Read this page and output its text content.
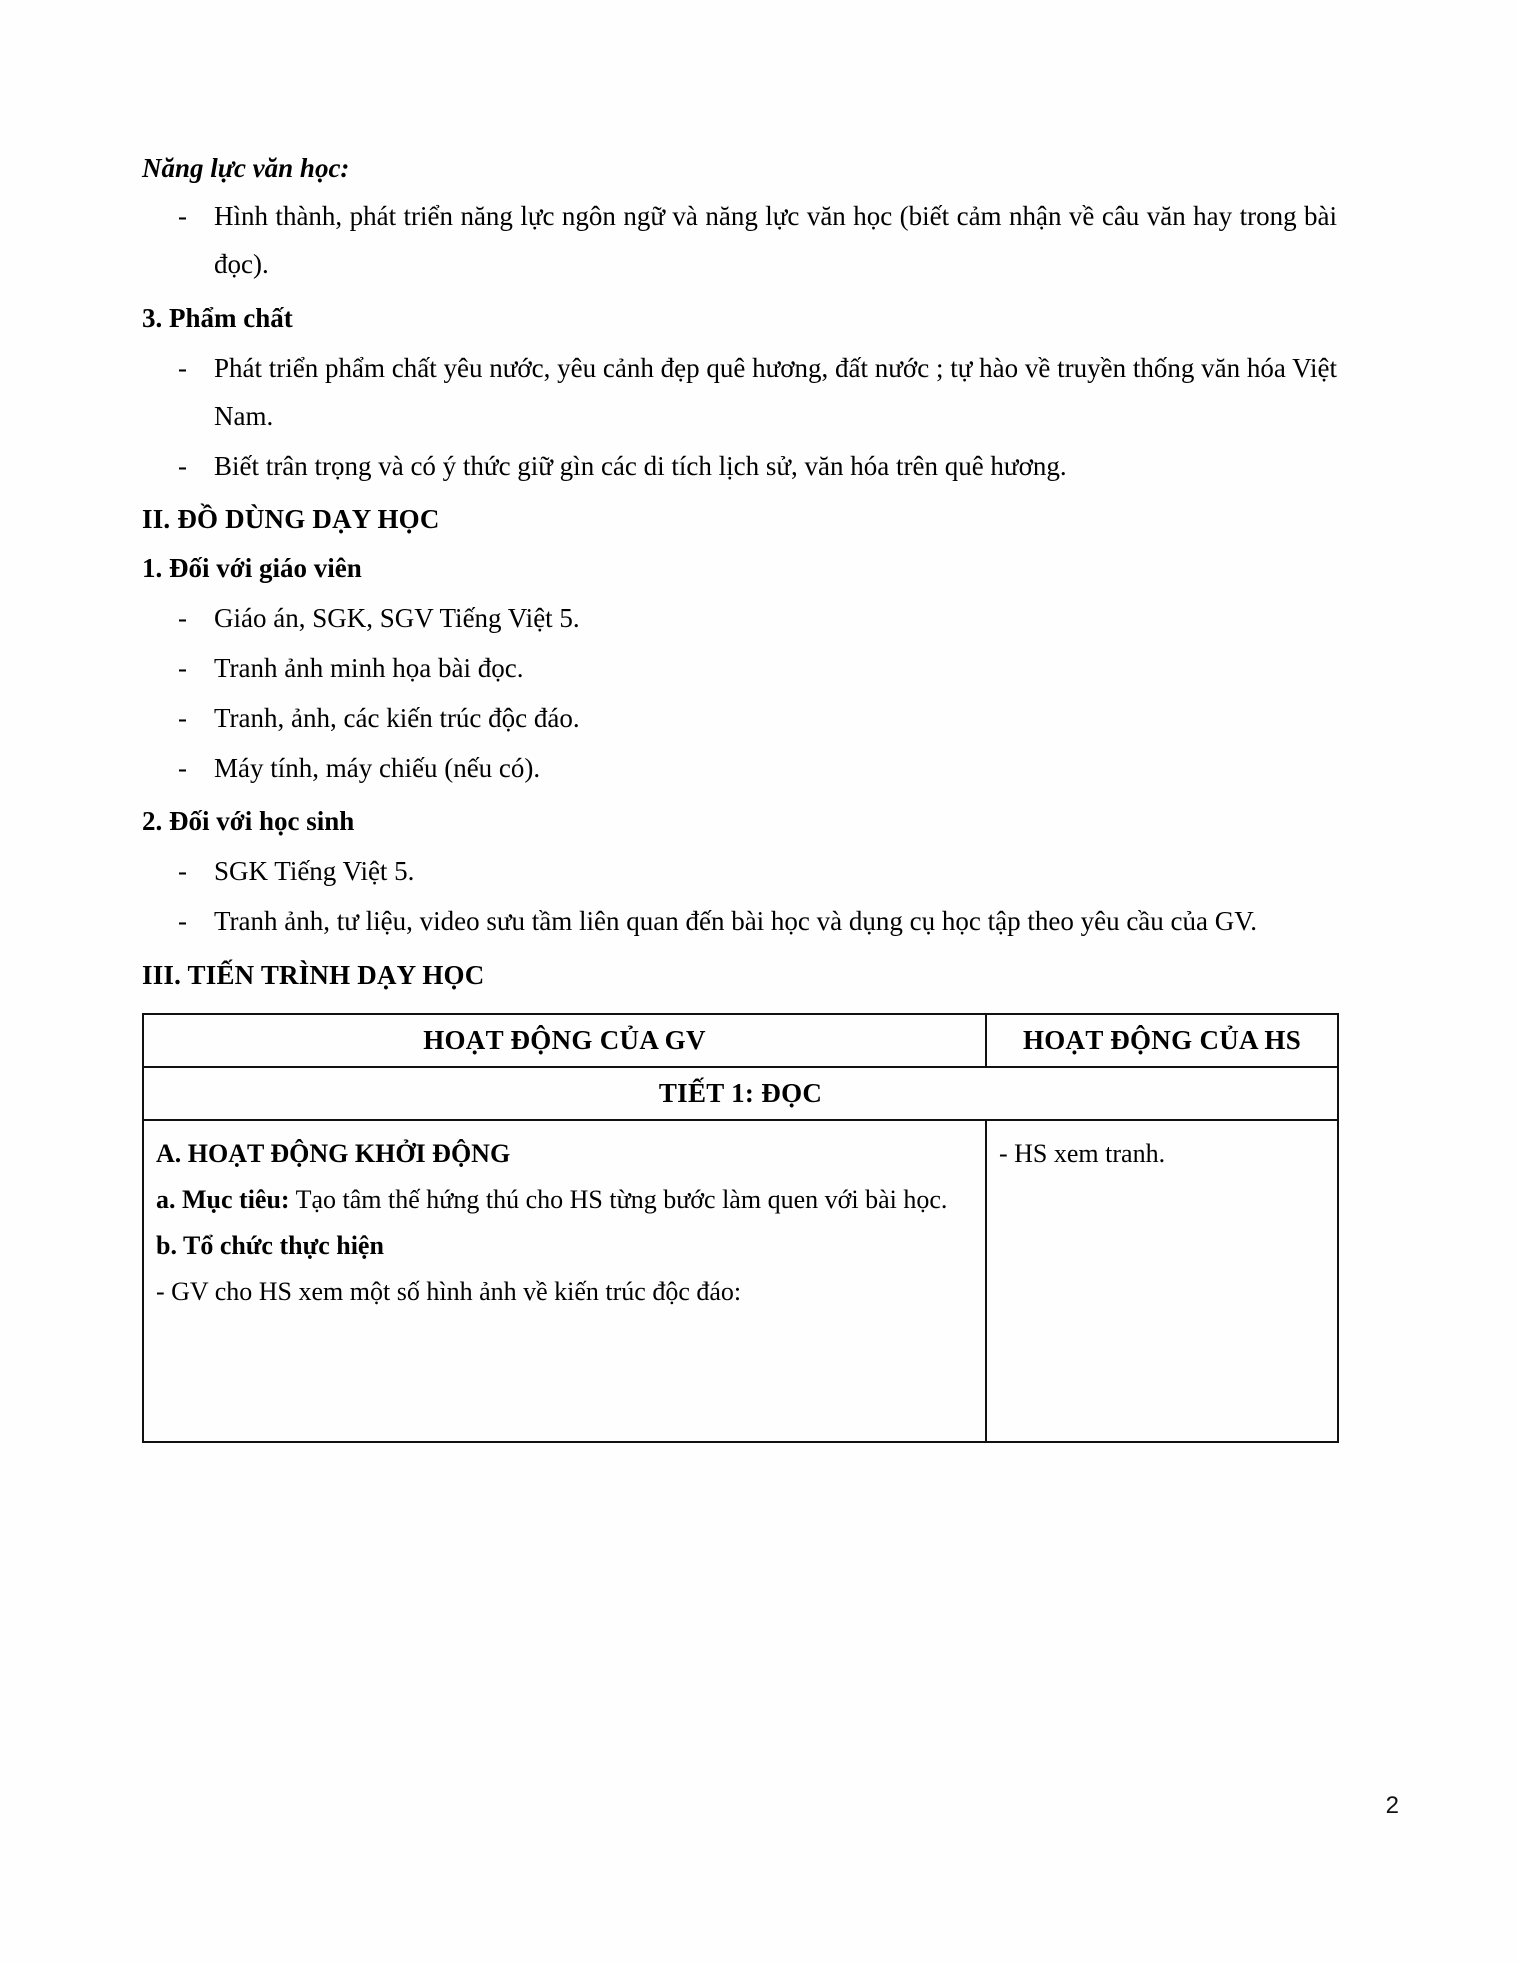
Năng lực văn học:

- Hình thành, phát triển năng lực ngôn ngữ và năng lực văn học (biết cảm nhận về câu văn hay trong bài đọc).

3. Phẩm chất

- Phát triển phẩm chất yêu nước, yêu cảnh đẹp quê hương, đất nước ; tự hào về truyền thống văn hóa Việt Nam.
- Biết trân trọng và có ý thức giữ gìn các di tích lịch sử, văn hóa trên quê hương.

II. ĐỒ DÙNG DẠY HỌC

1. Đối với giáo viên

- Giáo án, SGK, SGV Tiếng Việt 5.
- Tranh ảnh minh họa bài đọc.
- Tranh, ảnh, các kiến trúc độc đáo.
- Máy tính, máy chiếu (nếu có).

2. Đối với học sinh

- SGK Tiếng Việt 5.
- Tranh ảnh, tư liệu, video sưu tầm liên quan đến bài học và dụng cụ học tập theo yêu cầu của GV.

III. TIẾN TRÌNH DẠY HỌC

HOẠT ĐỘNG CỦA GV	HOẠT ĐỘNG CỦA HS
TIẾT 1: ĐỌC	

A. HOẠT ĐỘNG KHỞI ĐỘNG
a. Mục tiêu: Tạo tâm thế hứng thú cho HS từng bước làm quen với bài học.
b. Tổ chức thực hiện
- GV cho HS xem một số hình ảnh về kiến trúc độc đáo:	- HS xem tranh.
2
